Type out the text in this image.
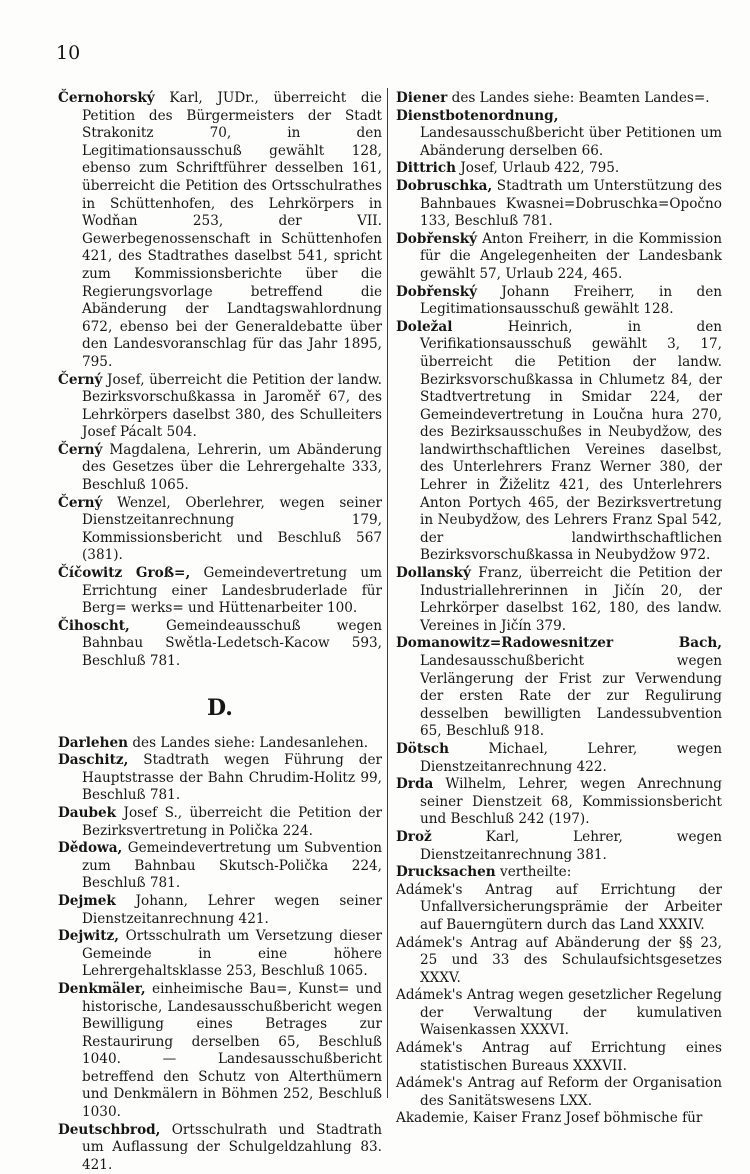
10

Černohorský Karl, JUDr., überreicht die Petition des Bürgermeisters der Stadt Strakonitz 70, in den Legitimationsausschuß gewählt 128, ebenso zum Schriftführer desselben 161, überreicht die Petition des Ortsschulrathes in Schüttenhofen, des Lehrkörpers in Wodňan 253, der VII. Gewerbegenossenschaft in Schüttenhofen 421, des Stadtrathes daselbst 541, spricht zum Kommissionsberichte über die Regierungsvorlage betreffend die Abänderung der Landtagswahlordnung 672, ebenso bei der Generaldebatte über den Landesvoranschlag für das Jahr 1895, 795.

Černý Josef, überreicht die Petition der landw. Bezirksvorschußkassa in Jaroměř 67, des Lehrkörpers daselbst 380, des Schulleiters Josef Pácalt 504.

Černý Magdalena, Lehrerin, um Abänderung des Gesetzes über die Lehrergehalte 333, Beschluß 1065.

Černý Wenzel, Oberlehrer, wegen seiner Dienstzeitanrechnung 179, Kommissionsbericht und Beschluß 567 (381).

Číčowitz Groß=, Gemeindevertretung um Errichtung einer Landesbruderlade für Berg= werks= und Hüttenarbeiter 100.

Čihoscht,	Gemeindeausschuß wegen Bahnbau Swětla-Ledetsch-Kacow 593, Beschluß 781.

D.

Darlehen des Landes siehe: Landesanlehen.

Daschitz, Stadtrath wegen Führung der Hauptstrasse der Bahn Chrudim-Holitz 99, Beschluß 781.

Daubek Josef S., überreicht die Petition der Bezirksvertretung in Polička 224.

Dědowa, Gemeindevertretung um Subvention zum Bahnbau Skutsch-Polička 224, Beschluß 781.

Dejmek Johann, Lehrer wegen seiner Dienstzeitanrechnung 421.

Dejwitz, Ortsschulrath um Versetzung dieser Gemeinde in eine höhere Lehrergehaltsklasse 253, Beschluß 1065.

Denkmäler, einheimische Bau=, Kunst= und historische, Landesausschußbericht wegen Bewilligung eines Betrages zur Restaurirung derselben 65, Beschluß 1040. — Landesausschußbericht betreffend den Schutz von Alterthümern und Denkmälern in Böhmen 252, Beschluß 1030.

Deutschbrod, Ortsschulrath und Stadtrath um Auflassung der Schulgeldzahlung 83. 421.

Diener des Landes siehe: Beamten Landes=.

Dienstbotenordnung, Landesausschußbericht über Petitionen um Abänderung derselben 66.

Dittrich Josef, Urlaub 422, 795.

Dobruschka, Stadtrath um Unterstützung des Bahnbaues Kwasnei=Dobruschka=Opočno 133, Beschluß 781.

Dobřenský Anton Freiherr, in die Kommission für die Angelegenheiten der Landesbank gewählt 57, Urlaub 224, 465.

Dobřenský Johann Freiherr, in den Legitimationsausschuß gewählt 128.

Doležal	Heinrich, in den Verifikationsausschuß gewählt 3, 17, überreicht die Petition der landw. Bezirksvorschußkassa in Chlumetz 84, der Stadtvertretung in Smidar 224, der Gemeindevertretung in Loučna hura 270, des Bezirksausschußes in Neubydžow, des landwirthschaftlichen Vereines daselbst, des Unterlehrers Franz Werner 380, der Lehrer in Žiželitz 421, des Unterlehrers Anton Portych 465, der Bezirksvertretung in Neubydžow, des Lehrers Franz Spal 542, der landwirthschaftlichen Bezirksvorschußkassa in Neubydžow 972.

Dollanský Franz, überreicht die Petition der Industriallehrerinnen in Jičín 20, der Lehrkörper daselbst 162, 180, des landw. Vereines in Jičín 379.

Domanowitz=Radowesnitzer Bach, Landesausschußbericht wegen Verlängerung der Frist zur Verwendung der ersten Rate der zur Regulirung desselben bewilligten Landessubvention 65, Beschluß 918.

Dötsch	Michael, Lehrer, wegen Dienstzeitanrechnung 422.

Drda Wilhelm, Lehrer, wegen Anrechnung seiner Dienstzeit 68, Kommissionsbericht und Beschluß 242 (197).

Drož	Karl, Lehrer, wegen Dienstzeitanrechnung 381.

Drucksachen vertheilte:

Adámek's Antrag auf Errichtung der Unfallversicherungsprämie der Arbeiter auf Bauerngütern durch das Land XXXIV.

Adámek's Antrag auf Abänderung der §§ 23, 25 und 33 des Schulaufsichtsgesetzes XXXV.

Adámek's Antrag wegen gesetzlicher Regelung der Verwaltung der kumulativen Waisenkassen XXXVI.

Adámek's Antrag auf Errichtung eines statistischen Bureaus XXXVII.

Adámek's Antrag auf Reform der Organisation des Sanitätswesens LXX.

Akademie, Kaiser Franz Josef böhmische für
